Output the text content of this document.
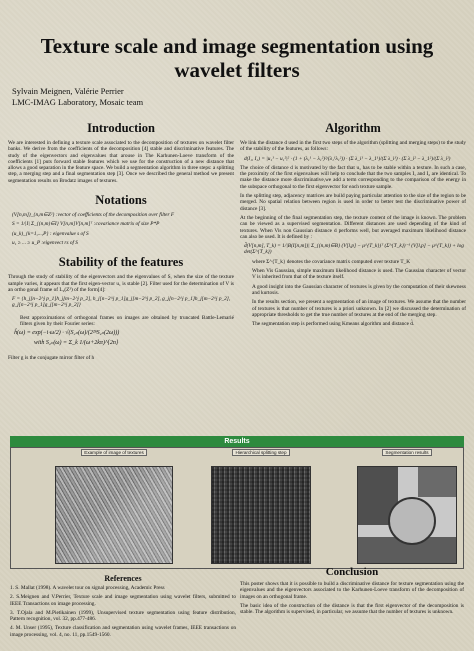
Texture scale and image segmentation using wavelet filters
Sylvain Meignen, Valérie Perrier
LMC-IMAG Laboratory, Mosaic team
Introduction
We are interested in defining a texture scale associated to the decomposition of textures on wavelet filter banks. We derive from the coefficients of the decomposition [4] stable and discriminative features. The study of the eigenvectors and eigenvalues that arouse in The Karhunen-Loeve transform of the coefficients [1] puts forward stable features which we use for the construction of a new distance that allows a good separation in the feature space. We build a segmentation algorithm in three steps: a splitting step, a merging step and a final segmentation step [3]. Once we described the general method we present segmentation results on Brodatz images of textures.
Notations
(V[n,m])_{n,m∈Z²} :vector of coefficients of the decomposition over filter F
S = 1/|I| Σ_{(n,m)∈I} V[n,m]V[n,m]ᵀ :covariance matrix of size P*P
(u_k)_{k=1,...,P} : eigenvalue s of S
u₁ ≥ ... ≥ u_P :eigenvect rs of S
Stability of the features
Through the study of stability of the eigenvectors and the eigenvalues of S, when the size of the texture sample varies, it appears that the first eigen-vector u₁ is stable [2]. Filter used for the determination of V is an ortho gonal frame of L₂(Z²) of the form[4]:
F = {h_j[n−2^j p_1]h_j[m−2^j p_2], h_j[n−2^j p_1]g_j[m−2^j p_2], g_j[n−2^j p_1]h_j[m−2^j p_2], g_j[n−2^j p_1]g_j[m−2^j p_2]}
Best approximations of orthogonal frames on images are obtained by truncated Battle-Lemarié filters given by their Fourier series:
ĥ(ω) = exp(−i·ω/2) · √(S₂ₙ(ω)/(2²ⁿS₂ₙ(2ω)))
with S₂ₙ(ω) = Σ_k 1/(ω+2kπ)^{2n}
Filter g is the conjugate mirror filter of h
Algorithm
We link the distance d used in the first two steps of the algorithm (splitting and merging steps) to the study of the stability of the features, as follows:
d(I₁, I₂) = |u₁¹ − u₁²|² · (1 + (λ₁¹ − λ₁²)²/(λ₁¹λ₁²)) · (Σ λ_i¹ − λ_1¹)/(Σ λ_i¹) · (Σ λ_i² − λ_1²)/(Σ λ_i²)
The choice of distance d is motivated by the fact that u₁ has to be stable within a texture. In such a case, the proximity of the first eigenvalues will help to conclude that the two samples I₁ and I₂ are identical. To make the distance more discriminative,we add a term corresponding to the comparison of the energy in the subspace orthogonal to the first eigenvector for each texture sample.
In the splitting step, adjacency matrices are build paying particular attention to the size of the region to be merged. No spatial relation between region is used in order to better test the discriminative power of distance [3].
At the beginning of the final segmentation step, the texture content of the image is known. The problem can be viewed as a supervised segmentation. Different distances are used depending of the kind of textures. When Vis non Gaussian distance d performs well, but averaged maximum likelihood distance can also be used. It is defined by :
d̃(V[n,m], T_k) = 1/|B(I[n,m])| Σ_{(n,m)∈B} (V[l,p] − μ^{T_k})ᵀ (Σ^{T_k})⁻¹ (V[l,p] − μ^{T_k}) + log det(Σ^{T_k})
where Σ^{T_k} denotes the covariance matrix computed over texture T_K
When Vis Gaussian, simple maximum likelihood distance is used. The Gaussian character of vector V is inherited from that of the texture itself.
A good insight into the Gaussian character of textures is given by the computation of their skewness and kurtosis.
In the results section, we present a segmentation of an image of textures. We assume that the number of textures is that number of textures is a priori unknown. In [2] we discussed the determination of appropriate thresholds to get the true number of textures at the end of the merging step.
The segmentation step is performed using Kmeans algorithm and distance d̃.
Results
Example of image of textures	Hierarchical splitting step	Segmentation results
References
1. S. Mallat (1998). A wavelet tour on signal processing, Academic Press
2. S.Meignen and V.Perrier, Texture scale and image segmentation using wavelet filters, submitted to IEEE Transactions on image processing.
3. T.Ojala and M.Pietikainen (1999), Unsupervised texture segmentation using feature distribution, Pattern recognition, vol. 32, pp.477-486.
4. M. Unser (1995), Texture classification and segmentation using wavelet frames, IEEE transactions on image processing, vol. 4, no. 11, pp.1549-1560.
Conclusion
This poster shows that it is possible to build a discriminative distance for texture segmentation using the eigenvalues and the eigenvectors associated to the Karhunen-Loeve transform of the decomposition of images on an orthogonal frame.
The basic idea of the construction of the distance is that the first eigenvector of the decomposition is stable. The algorithm is supervised, in particular, we assume that the number of textures is unknown.
